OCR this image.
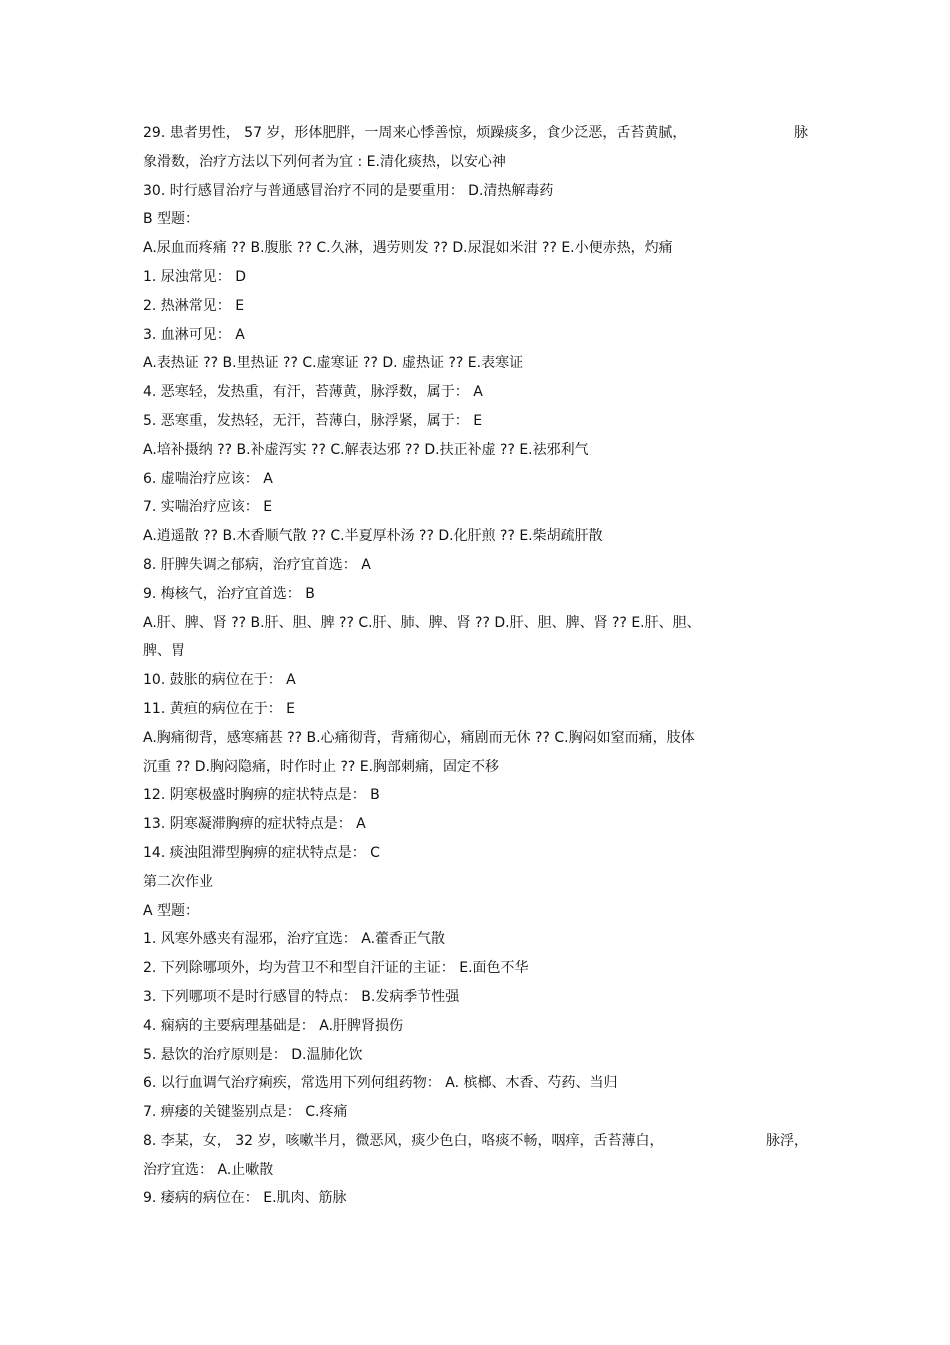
29. 患者男性， 57 岁，形体肥胖，一周来心悸善惊，烦躁痰多，食少泛恶，舌苔黄腻，	脉
象滑数，治疗方法以下列何者为宜 : E.清化痰热，以安心神
30. 时行感冒治疗与普通感冒治疗不同的是要重用： D.清热解毒药
B 型题：
A.尿血而疼痛 ?? B.腹胀 ?? C.久淋，遇劳则发 ?? D.尿混如米泔 ?? E.小便赤热，灼痛
1. 尿浊常见： D
2. 热淋常见： E
3. 血淋可见： A
A.表热证 ?? B.里热证 ?? C.虚寒证 ?? D. 虚热证 ?? E.表寒证
4. 恶寒轻，发热重，有汗，苔薄黄，脉浮数，属于： A
5. 恶寒重，发热轻，无汗，苔薄白，脉浮紧，属于： E
A.培补摄纳 ?? B.补虚泻实 ?? C.解表达邪 ?? D.扶正补虚 ?? E.祛邪利气
6. 虚喘治疗应该： A
7. 实喘治疗应该： E
A.逍遥散 ?? B.木香顺气散 ?? C.半夏厚朴汤 ?? D.化肝煎 ?? E.柴胡疏肝散
8. 肝脾失调之郁病，治疗宜首选： A
9. 梅核气，治疗宜首选： B
A.肝、脾、肾 ?? B.肝、胆、脾 ?? C.肝、肺、脾、肾 ?? D.肝、胆、脾、肾 ?? E.肝、胆、
脾、胃
10. 鼓胀的病位在于： A
11. 黄疸的病位在于： E
A.胸痛彻背，感寒痛甚 ?? B.心痛彻背，背痛彻心，痛剧而无休 ?? C.胸闷如窒而痛，肢体
沉重 ?? D.胸闷隐痛，时作时止 ?? E.胸部刺痛，固定不移
12. 阴寒极盛时胸痹的症状特点是： B
13. 阴寒凝滞胸痹的症状特点是： A
14. 痰浊阻滞型胸痹的症状特点是： C
第二次作业
A 型题：
1. 风寒外感夹有湿邪，治疗宜选： A.藿香正气散
2. 下列除哪项外，均为营卫不和型自汗证的主证： E.面色不华
3. 下列哪项不是时行感冒的特点： B.发病季节性强
4. 痫病的主要病理基础是： A.肝脾肾损伤
5. 悬饮的治疗原则是： D.温肺化饮
6. 以行血调气治疗痢疾，常选用下列何组药物： A. 槟榔、木香、芍药、当归
7. 痹痿的关键鉴别点是： C.疼痛
8. 李某，女， 32 岁，咳嗽半月，微恶风，痰少色白，咯痰不畅，咽痒，舌苔薄白，	脉浮，
治疗宜选： A.止嗽散
9. 痿病的病位在： E.肌肉、筋脉
